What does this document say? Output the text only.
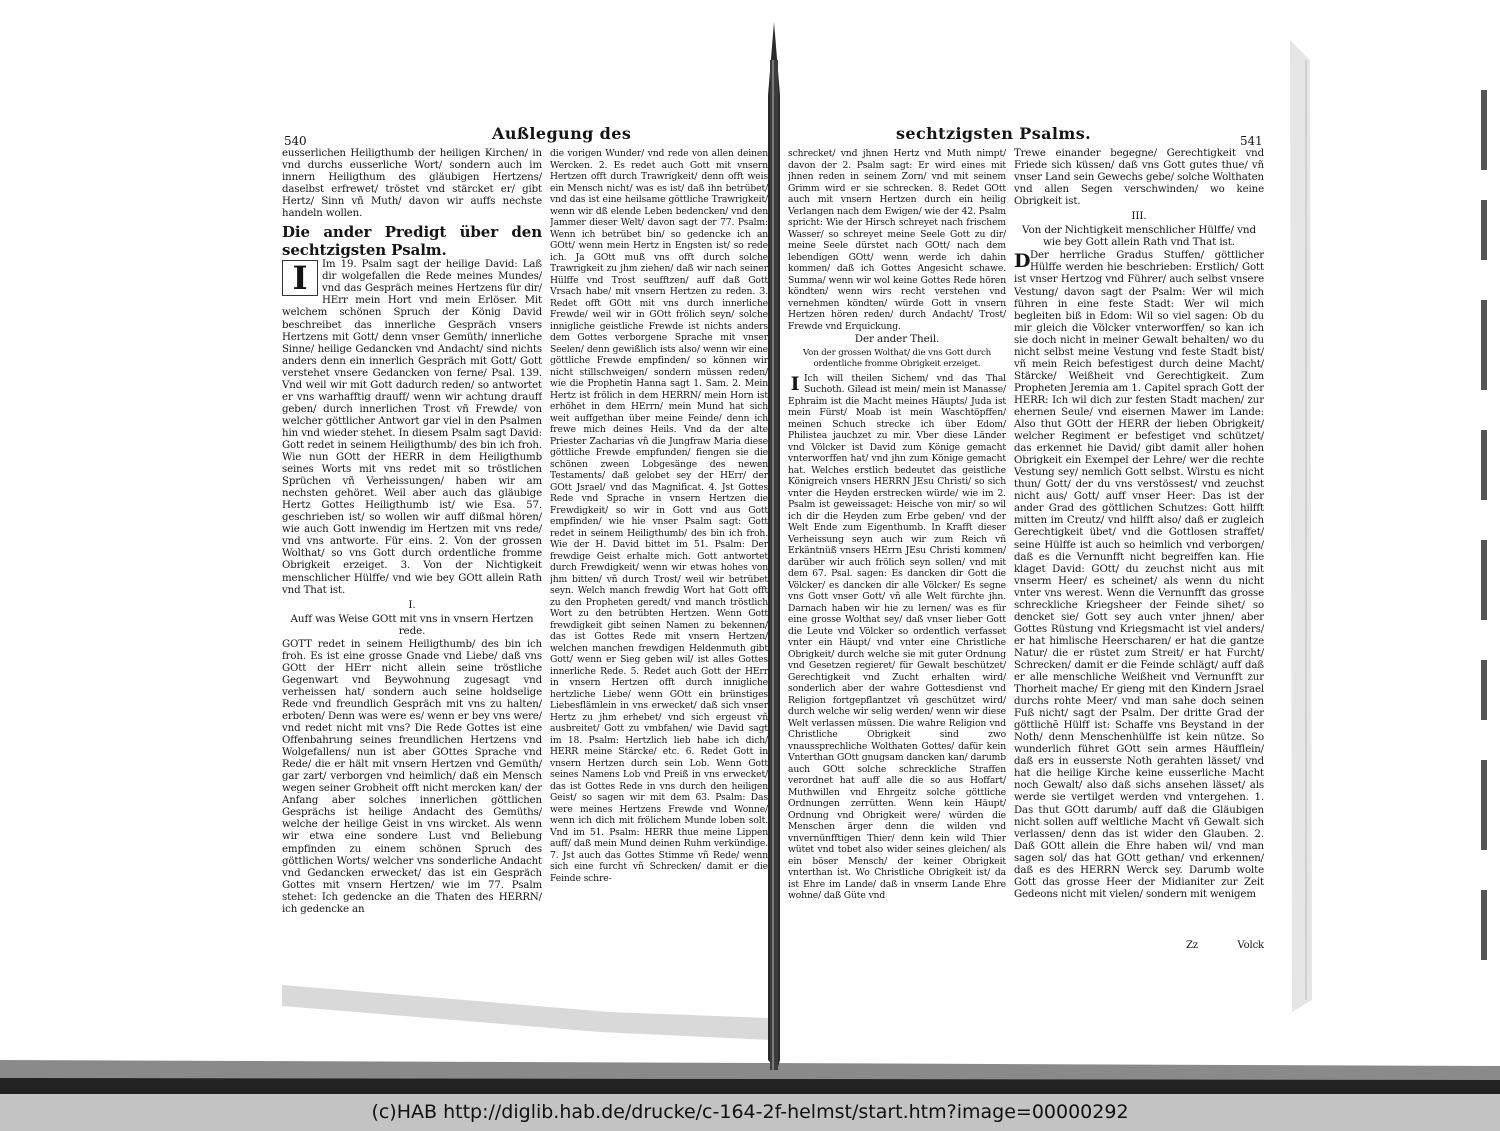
540	Außlegung des

eusserlichen Heiligthumb der heiligen Kirchen/ in vnd durchs eusserliche Wort/ sondern auch im innern Heiligthum des gläubigen Hertzens/ daselbst erfrewet/ tröstet vnd stärcket er/ gibt Hertz/ Sinn vñ Muth/ davon wir auffs nechste handeln wollen.

Die ander Predigt über den sechtzigsten Psalm.

I	Im 19. Psalm sagt der heilige David: Laß dir wolgefallen die Rede meines Mundes/ vnd das Gespräch meines Hertzens für dir/ HErr mein Hort vnd mein Erlöser. Mit welchem schönen Spruch der König David beschreibet das innerliche Gespräch vnsers Hertzens mit Gott/ denn vnser Gemüth/ innerliche Sinne/ heilige Gedancken vnd Andacht/ sind nichts anders denn ein innerlich Gespräch mit Gott/ Gott verstehet vnsere Gedancken von ferne/ Psal. 139. Vnd weil wir mit Gott dadurch reden/ so antwortet er vns warhafftig drauff/ wenn wir achtung drauff geben/ durch innerlichen Trost vñ Frewde/ von welcher göttlicher Antwort gar viel in den Psalmen hin vnd wieder stehet. In diesem Psalm sagt David: Gott redet in seinem Heiligthumb/ des bin ich froh. Wie nun GOtt der HERR in dem Heiligthumb seines Worts mit vns redet mit so tröstlichen Sprüchen vñ Verheissungen/ haben wir am nechsten gehöret. Weil aber auch das gläubige Hertz Gottes Heiligthumb ist/ wie Esa. 57. geschrieben ist/ so wollen wir auff dißmal hören/ wie auch Gott inwendig im Hertzen mit vns rede/ vnd vns antworte. Für eins. 2. Von der grossen Wolthat/ so vns Gott durch ordentliche fromme Obrigkeit erzeiget. 3. Von der Nichtigkeit menschlicher Hülffe/ vnd wie bey GOtt allein Rath vnd That ist.

I.

Auff was Weise GOtt mit vns in vnsern Hertzen rede.

GOTT redet in seinem Heiligthumb/ des bin ich froh. Es ist eine grosse Gnade vnd Liebe/ daß vns GOtt der HErr nicht allein seine tröstliche Gegenwart vnd Beywohnung zugesagt vnd verheissen hat/ sondern auch seine holdselige Rede vnd freundlich Gespräch mit vns zu halten/ erboten/ Denn was were es/ wenn er bey vns were/ vnd redet nicht mit vns? Die Rede Gottes ist eine Offenbahrung seines freundlichen Hertzens vnd Wolgefallens/ nun ist aber GOttes Sprache vnd Rede/ die er hält mit vnsern Hertzen vnd Gemüth/ gar zart/ verborgen vnd heimlich/ daß ein Mensch wegen seiner Grobheit offt nicht mercken kan/ der Anfang aber solches innerlichen göttlichen Gesprächs ist heilige Andacht des Gemüths/ welche der heilige Geist in vns wircket. Als wenn wir etwa eine sondere Lust vnd Beliebung empfinden zu einem schönen Spruch des göttlichen Worts/ welcher vns sonderliche Andacht vnd Gedancken erwecket/ das ist ein Gespräch Gottes mit vnsern Hertzen/ wie im 77. Psalm stehet: Ich gedencke an die Thaten des HERRN/ ich gedencke an

die vorigen Wunder/ vnd rede von allen deinen Wercken. 2. Es redet auch Gott mit vnsern Hertzen offt durch Trawrigkeit/ denn offt weis ein Mensch nicht/ was es ist/ daß ihn betrübet/ vnd das ist eine heilsame göttliche Trawrigkeit/ wenn wir dß elende Leben bedencken/ vnd den Jammer dieser Welt/ davon sagt der 77. Psalm: Wenn ich betrübet bin/ so gedencke ich an GOtt/ wenn mein Hertz in Engsten ist/ so rede ich. Ja GOtt muß vns offt durch solche Trawrigkeit zu jhm ziehen/ daß wir nach seiner Hülffe vnd Trost seufftzen/ auff daß Gott Vrsach habe/ mit vnsern Hertzen zu reden. 3. Redet offt GOtt mit vns durch innerliche Frewde/ weil wir in GOtt frölich seyn/ solche innigliche geistliche Frewde ist nichts anders dem Gottes verborgene Sprache mit vnser Seelen/ denn gewißlich ists also/ wenn wir eine göttliche Frewde empfinden/ so können wir nicht stillschweigen/ sondern müssen reden/ wie die Prophetin Hanna sagt 1. Sam. 2. Mein Hertz ist frölich in dem HERRN/ mein Horn ist erhöhet in dem HErrn/ mein Mund hat sich weit auffgethan über meine Feinde/ denn ich frewe mich deines Heils. Vnd da der alte Priester Zacharias vñ die Jungfraw Maria diese göttliche Frewde empfunden/ fiengen sie die schönen zween Lobgesänge des newen Testaments/ daß gelobet sey der HErr/ der GOtt Jsrael/ vnd das Magnificat. 4. Jst Gottes Rede vnd Sprache in vnsern Hertzen die Frewdigkeit/ so wir in Gott vnd aus Gott empfinden/ wie hie vnser Psalm sagt: Gott redet in seinem Heiligthumb/ des bin ich froh. Wie der H. David bittet im 51. Psalm: Der frewdige Geist erhalte mich. Gott antwortet durch Frewdigkeit/ wenn wir etwas hohes von jhm bitten/ vñ durch Trost/ weil wir betrübet seyn. Welch manch frewdig Wort hat Gott offt zu den Propheten geredt/ vnd manch tröstlich Wort zu den betrübten Hertzen. Wenn Gott frewdigkeit gibt seinen Namen zu bekennen/ das ist Gottes Rede mit vnsern Hertzen/ welchen manchen frewdigen Heldenmuth gibt Gott/ wenn er Sieg geben wil/ ist alles Gottes innerliche Rede. 5. Redet auch Gott der HErr in vnsern Hertzen offt durch innigliche hertzliche Liebe/ wenn GOtt ein brünstiges Liebesflämlein in vns erwecket/ daß sich vnser Hertz zu jhm erhebet/ vnd sich ergeust vñ ausbreitet/ Gott zu vmbfahen/ wie David sagt im 18. Psalm: Hertzlich lieb habe ich dich/ HERR meine Stärcke/ etc. 6. Redet Gott in vnsern Hertzen durch sein Lob. Wenn Gott seines Namens Lob vnd Preiß in vns erwecket/ das ist Gottes Rede in vns durch den heiligen Geist/ so sagen wir mit dem 63. Psalm: Das were meines Hertzens Frewde vnd Wonne/ wenn ich dich mit frölichem Munde loben solt. Vnd im 51. Psalm: HERR thue meine Lippen auff/ daß mein Mund deinen Ruhm verkündige. 7. Jst auch das Gottes Stimme vñ Rede/ wenn sich eine furcht vñ Schrecken/ damit er die Feinde schre-

sechtzigsten Psalms.	541

schrecket/ vnd jhnen Hertz vnd Muth nimpt/ davon der 2. Psalm sagt: Er wird eines mit jhnen reden in seinem Zorn/ vnd mit seinem Grimm wird er sie schrecken. 8. Redet GOtt auch mit vnsern Hertzen durch ein heilig Verlangen nach dem Ewigen/ wie der 42. Psalm spricht: Wie der Hirsch schreyet nach frischem Wasser/ so schreyet meine Seele Gott zu dir/ meine Seele dürstet nach GOtt/ nach dem lebendigen GOtt/ wenn werde ich dahin kommen/ daß ich Gottes Angesicht schawe. Summa/ wenn wir wol keine Gottes Rede hören köndten/ wenn wirs recht verstehen vnd vernehmen köndten/ würde Gott in vnsern Hertzen hören reden/ durch Andacht/ Trost/ Frewde vnd Erquickung.

Der ander Theil.

Von der grossen Wolthat/ die vns Gott durch ordentliche fromme Obrigkeit erzeiget.

I Ich will theilen Sichem/ vnd das Thal Suchoth. Gilead ist mein/ mein ist Manasse/ Ephraim ist die Macht meines Häupts/ Juda ist mein Fürst/ Moab ist mein Waschtöpffen/ meinen Schuch strecke ich über Edom/ Philistea jauchzet zu mir. Vber diese Länder vnd Völcker ist David zum Könige gemacht vnterworffen hat/ vnd jhn zum Könige gemacht hat. Welches erstlich bedeutet das geistliche Königreich vnsers HERRN JEsu Christi/ so sich vnter die Heyden erstrecken würde/ wie im 2. Psalm ist geweissaget: Heische von mir/ so wil ich dir die Heyden zum Erbe geben/ vnd der Welt Ende zum Eigenthumb. In Krafft dieser Verheissung seyn auch wir zum Reich vñ Erkäntnüß vnsers HErrn JEsu Christi kommen/ darüber wir auch frölich seyn sollen/ vnd mit dem 67. Psal. sagen: Es dancken dir Gott die Völcker/ es dancken dir alle Völcker/ Es segne vns Gott vnser Gott/ vñ alle Welt fürchte jhn. Darnach haben wir hie zu lernen/ was es für eine grosse Wolthat sey/ daß vnser lieber Gott die Leute vnd Völcker so ordentlich verfasset vnter ein Häupt/ vnd vnter eine Christliche Obrigkeit/ durch welche sie mit guter Ordnung vnd Gesetzen regieret/ für Gewalt beschützet/ Gerechtigkeit vnd Zucht erhalten wird/ sonderlich aber der wahre Gottesdienst vnd Religion fortgepflantzet vñ geschützet wird/ durch welche wir selig werden/ wenn wir diese Welt verlassen müssen. Die wahre Religion vnd Christliche Obrigkeit sind zwo vnaussprechliche Wolthaten Gottes/ dafür kein Vnterthan GOtt gnugsam dancken kan/ darumb auch GOtt solche schreckliche Straffen verordnet hat auff alle die so aus Hoffart/ Muthwillen vnd Ehrgeitz solche göttliche Ordnungen zerrütten. Wenn kein Häupt/ Ordnung vnd Obrigkeit were/ würden die Menschen ärger denn die wilden vnd vnvernünfftigen Thier/ denn kein wild Thier wütet vnd tobet also wider seines gleichen/ als ein böser Mensch/ der keiner Obrigkeit vnterthan ist. Wo Christliche Obrigkeit ist/ da ist Ehre im Lande/ daß in vnserm Lande Ehre wohne/ daß Güte vnd

Trewe einander begegne/ Gerechtigkeit vnd Friede sich küssen/ daß vns Gott gutes thue/ vñ vnser Land sein Gewechs gebe/ solche Wolthaten vnd allen Segen verschwinden/ wo keine Obrigkeit ist.

III.

Von der Nichtigkeit menschlicher Hülffe/ vnd wie bey Gott allein Rath vnd That ist.

D Der herrliche Gradus Stuffen/ göttlicher Hülffe werden hie beschrieben: Erstlich/ Gott ist vnser Hertzog vnd Führer/ auch selbst vnsere Vestung/ davon sagt der Psalm: Wer wil mich führen in eine feste Stadt: Wer wil mich begleiten biß in Edom: Wil so viel sagen: Ob du mir gleich die Völcker vnterworffen/ so kan ich sie doch nicht in meiner Gewalt behalten/ wo du nicht selbst meine Vestung vnd feste Stadt bist/ vñ mein Reich befestigest durch deine Macht/ Stärcke/ Weißheit vnd Gerechtigkeit. Zum Propheten Jeremia am 1. Capitel sprach Gott der HERR: Ich wil dich zur festen Stadt machen/ zur ehernen Seule/ vnd eisernen Mawer im Lande: Also thut GOtt der HERR der lieben Obrigkeit/ welcher Regiment er befestiget vnd schützet/ das erkennet hie David/ gibt damit aller hohen Obrigkeit ein Exempel der Lehre/ wer die rechte Vestung sey/ nemlich Gott selbst. Wirstu es nicht thun/ Gott/ der du vns verstössest/ vnd zeuchst nicht aus/ Gott/ auff vnser Heer: Das ist der ander Grad des göttlichen Schutzes: Gott hilfft mitten im Creutz/ vnd hilfft also/ daß er zugleich Gerechtigkeit übet/ vnd die Gottlosen straffet/ seine Hülffe ist auch so heimlich vnd verborgen/ daß es die Vernunfft nicht begreiffen kan. Hie klaget David: GOtt/ du zeuchst nicht aus mit vnserm Heer/ es scheinet/ als wenn du nicht vnter vns werest. Wenn die Vernunfft das grosse schreckliche Kriegsheer der Feinde sihet/ so dencket sie/ Gott sey auch vnter jhnen/ aber Gottes Rüstung vnd Kriegsmacht ist viel anders/ er hat himlische Heerscharen/ er hat die gantze Natur/ die er rüstet zum Streit/ er hat Furcht/ Schrecken/ damit er die Feinde schlägt/ auff daß er alle menschliche Weißheit vnd Vernunfft zur Thorheit mache/ Er gieng mit den Kindern Jsrael durchs rohte Meer/ vnd man sahe doch seinen Fuß nicht/ sagt der Psalm. Der dritte Grad der göttlichẽ Hülff ist: Schaffe vns Beystand in der Noth/ denn Menschenhülffe ist kein nütze. So wunderlich führet GOtt sein armes Häufflein/ daß ers in eusserste Noth gerahten lässet/ vnd hat die heilige Kirche keine eusserliche Macht noch Gewalt/ also daß sichs ansehen lässet/ als werde sie vertilget werden vnd vntergehen. 1. Das thut GOtt darumb/ auff daß die Gläubigen nicht sollen auff weltliche Macht vñ Gewalt sich verlassen/ denn das ist wider den Glauben. 2. Daß GOtt allein die Ehre haben wil/ vnd man sagen sol/ das hat GOtt gethan/ vnd erkennen/ daß es des HERRN Werck sey. Darumb wolte Gott das grosse Heer der Midianiter zur Zeit Gedeons nicht mit vielen/ sondern mit wenigem

Zz	Volck
(c)HAB http://diglib.hab.de/drucke/c-164-2f-helmst/start.htm?image=00000292
